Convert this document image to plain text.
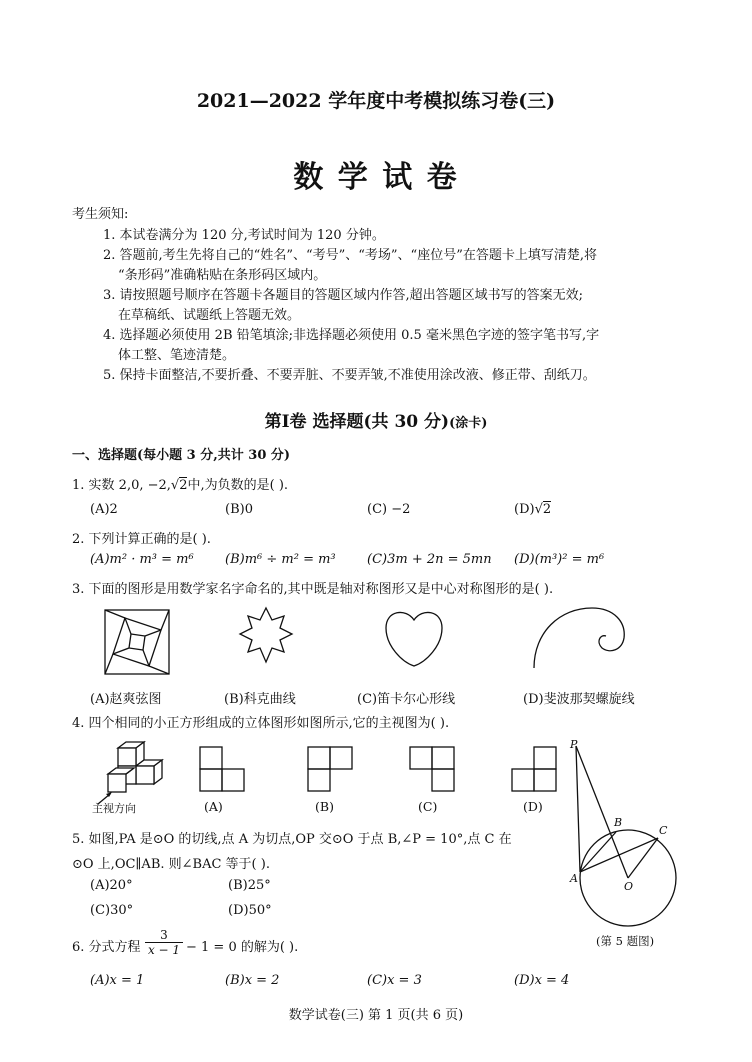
2021—2022 学年度中考模拟练习卷(三)
数 学 试 卷
考生须知:
1. 本试卷满分为 120 分,考试时间为 120 分钟。
2. 答题前,考生先将自己的“姓名”、“考号”、“考场”、“座位号”在答题卡上填写清楚,将
“条形码”准确粘贴在条形码区域内。
3. 请按照题号顺序在答题卡各题目的答题区域内作答,超出答题区域书写的答案无效;
在草稿纸、试题纸上答题无效。
4. 选择题必须使用 2B 铅笔填涂;非选择题必须使用 0.5 毫米黑色字迹的签字笔书写,字
体工整、笔迹清楚。
5. 保持卡面整洁,不要折叠、不要弄脏、不要弄皱,不准使用涂改液、修正带、刮纸刀。
第Ⅰ卷 选择题(共 30 分)(涂卡)
一、选择题(每小题 3 分,共计 30 分)
1. 实数 2,0, −2,√2中,为负数的是( ).
(A)2	(B)0	(C) −2	(D)√2
2. 下列计算正确的是( ).
(A)m² · m³ = m⁶ (B)m⁶ ÷ m² = m³ (C)3m + 2n = 5mn (D)(m³)² = m⁶
3. 下面的图形是用数学家名字命名的,其中既是轴对称图形又是中心对称图形的是( ).
(A)赵爽弦图	(B)科克曲线	(C)笛卡尔心形线	(D)斐波那契螺旋线
4. 四个相同的小正方形组成的立体图形如图所示,它的主视图为( ).
主视方向	(A)	(B)	(C)	(D)
P
B
C
A
O
(第 5 题图)
5. 如图,PA 是⊙O 的切线,点 A 为切点,OP 交⊙O 于点 B,∠P = 10°,点 C 在
⊙O 上,OC∥AB. 则∠BAC 等于( ).
(A)20°	(B)25°
(C)30°	(D)50°
6. 分式方程 $\frac{3}{x - 1} - 1 = 0$ 的解为( ).
(A)x = 1	(B)x = 2	(C)x = 3	(D)x = 4
数学试卷(三) 第 1 页(共 6 页)
